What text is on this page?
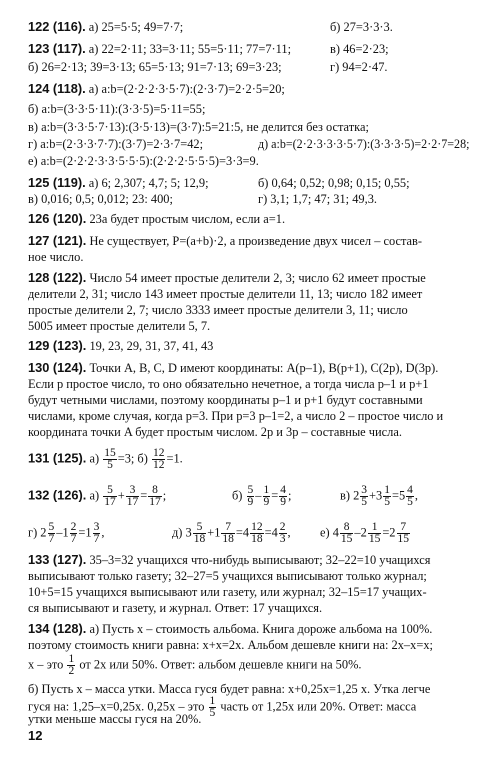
122 (116). а) 25=5·5; 49=7·7;	б) 27=3·3·3.
123 (117). а) 22=2·11; 33=3·11; 55=5·11; 77=7·11;	в) 46=2·23;
б) 26=2·13; 39=3·13; 65=5·13; 91=7·13; 69=3·23;	г) 94=2·47.
124 (118). а) a:b=(2·2·2·3·5·7):(2·3·7)=2·2·5=20;
б) a:b=(3·3·5·11):(3·3·5)=5·11=55;
в) a:b=(3·3·5·7·13):(3·5·13)=(3·7):5=21:5, не делится без остатка;
г) a:b=(2·3·3·7·7):(3·7)=2·3·7=42;	д) a:b=(2·2·3·3·3·5·7):(3·3·3·5)=2·2·7=28;
е) a:b=(2·2·2·3·3·5·5·5):(2·2·2·5·5·5)=3·3=9.
125 (119). а) 6; 2,307; 4,7; 5; 12,9;	б) 0,64; 0,52; 0,98; 0,15; 0,55;
в) 0,016; 0,5; 0,012; 23: 400;	г) 3,1; 1,7; 47; 31; 49,3.
126 (120). 23a будет простым числом, если a=1.
127 (121). Не существует, P=(a+b)·2, а произведение двух чисел – состав-
ное число.
128 (122). Число 54 имеет простые делители 2, 3; число 62 имеет простые
делители 2, 31; число 143 имеет простые делители 11, 13; число 182 имеет
простые делители 2, 7; число 3333 имеет простые делители 3, 11; число
5005 имеет простые делители 5, 7.
129 (123). 19, 23, 29, 31, 37, 41, 43
130 (124). Точки A, B, C, D имеют координаты: A(p–1), B(p+1), C(2p), D(3p).
Если p простое число, то оно обязательно нечетное, а тогда числа p–1 и p+1
будут четными числами, поэтому координаты p–1 и p+1 будут составными
числами, кроме случая, когда p=3. При p=3 p–1=2, а число 2 – простое число и
координата точки A будет простым числом. 2p и 3p – составные числа.
131 (125). $а) \frac{15}{5} =3$; $б) \frac{12}{12} =1$.
132 (126). $а) \frac{5}{17} + \frac{3}{17} = \frac{8}{17}$ ;	$б) \frac{5}{9} - \frac{1}{9} = \frac{4}{9}$ ;	в) $2 \frac{3}{5} +3 \frac{1}{5} =5 \frac{4}{5}$ ,
г) $2 \frac{5}{7} -1 \frac{2}{7} =1 \frac{3}{7}$ ,	д) $3 \frac{5}{18} +1 \frac{7}{18} =4 \frac{12}{18} =4 \frac{2}{3}$ , е) $4 \frac{8}{15} -2 \frac{1}{15} =2 \frac{7}{15}$
133 (127). 35–3=32 учащихся что-нибудь выписывают; 32–22=10 учащихся
выписывают только газету; 32–27=5 учащихся выписывают только журнал;
10+5=15 учащихся выписывают или газету, или журнал; 32–15=17 учащих-
ся выписывают и газету, и журнал. Ответ: 17 учащихся.
134 (128). а) Пусть x – стоимость альбома. Книга дороже альбома на 100%.
поэтому стоимость книги равна: x+x=2x. Альбом дешевле книги на: 2x–x=x;
x – это $\frac{1}{2}$ от 2x или 50%. Ответ: альбом дешевле книги на 50%.
б) Пусть x – масса утки. Масса гуся будет равна: x+0,25x=1,25 x. Утка легче
гуся на: 1,25–x=0,25x. 0,25x – это $\frac{1}{5}$ часть от 1,25x или 20%. Ответ: масса
утки меньше массы гуся на 20%.
12
